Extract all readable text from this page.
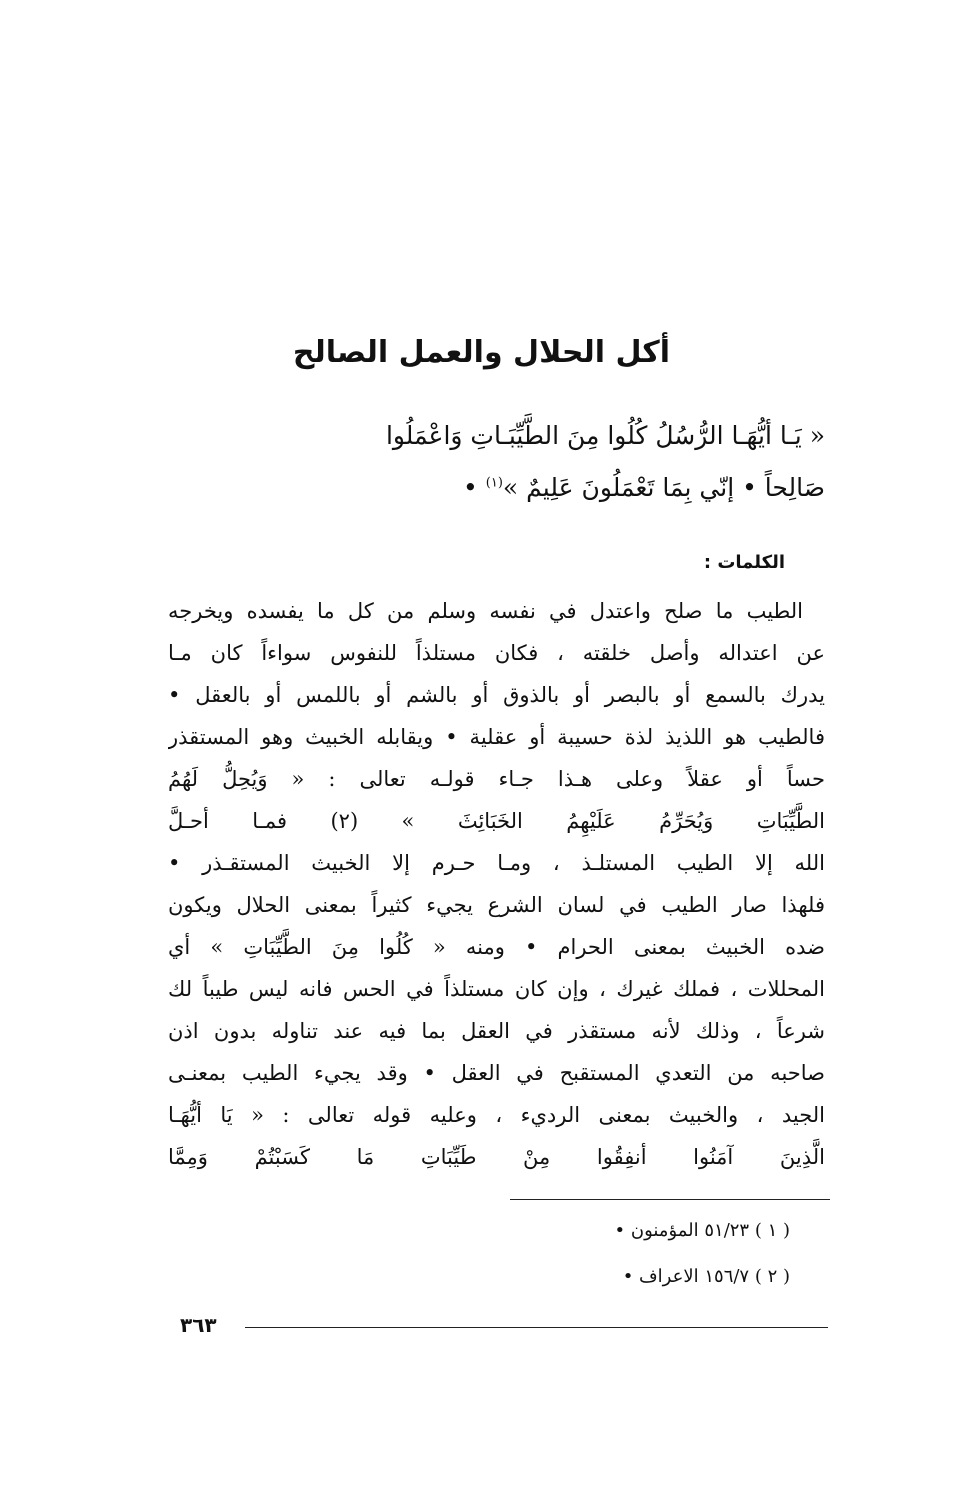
أكل الحلال والعمل الصالح

« يَـا أيُّهَـا الرُّسُلُ كُلُوا مِنَ الطَّيِّبَـاتِ وَاعْمَلُوا

صَالِحاً • إنّي بِمَا تَعْمَلُونَ عَلِيمٌ »$^{(١)}$ •

الكلمات :
الطيب ما صلح واعتدل في نفسه وسلم من كل ما يفسده ويخرجه
عن اعتداله وأصل خلقته ، فكان مستلذاً للنفوس سواءاً كان مـا
يدرك بالسمع أو بالبصر أو بالذوق أو بالشم أو باللمس أو بالعقل •
فالطيب هو اللذيذ لذة حسيبة أو عقلية • ويقابله الخبيث وهو المستقذر
حساً أو عقلاً وعلى هـذا جـاء قولـه تعالى : « وَيُحِلُّ لَهُمُ
الطَّيِّبَاتِ وَيُحَرِّمُ عَلَيْهِمُ الخَبَائِثَ » (٢) فمـا أحـلَّ
الله إلا الطيب المستلـذ ، ومـا حـرم إلا الخبيث المستقـذر •
فلهذا صار الطيب في لسان الشرع يجيء كثيراً بمعنى الحلال ويكون
ضده الخبيث بمعنى الحرام • ومنه « كُلُوا مِنَ الطَّيِّبَاتِ » أي
المحللات ، فملك غيرك ، وإن كان مستلذاً في الحس فانه ليس طيباً لك
شرعاً ، وذلك لأنه مستقذر في العقل بما فيه عند تناوله بدون اذن
صاحبه من التعدي المستقبح في العقل • وقد يجيء الطيب بمعنـى
الجيد ، والخبيث بمعنى الرديء ، وعليه قوله تعالى : « يَا أيُّهَـا
الَّذِينَ آمَنُوا أنفِقُوا مِنْ طَيِّبَاتِ مَا كَسَبْتُمْ وَمِمَّا
( ١ ) ٥١/٢٣ المؤمنون •
( ٢ ) ١٥٦/٧ الاعراف •
٣٦٣
